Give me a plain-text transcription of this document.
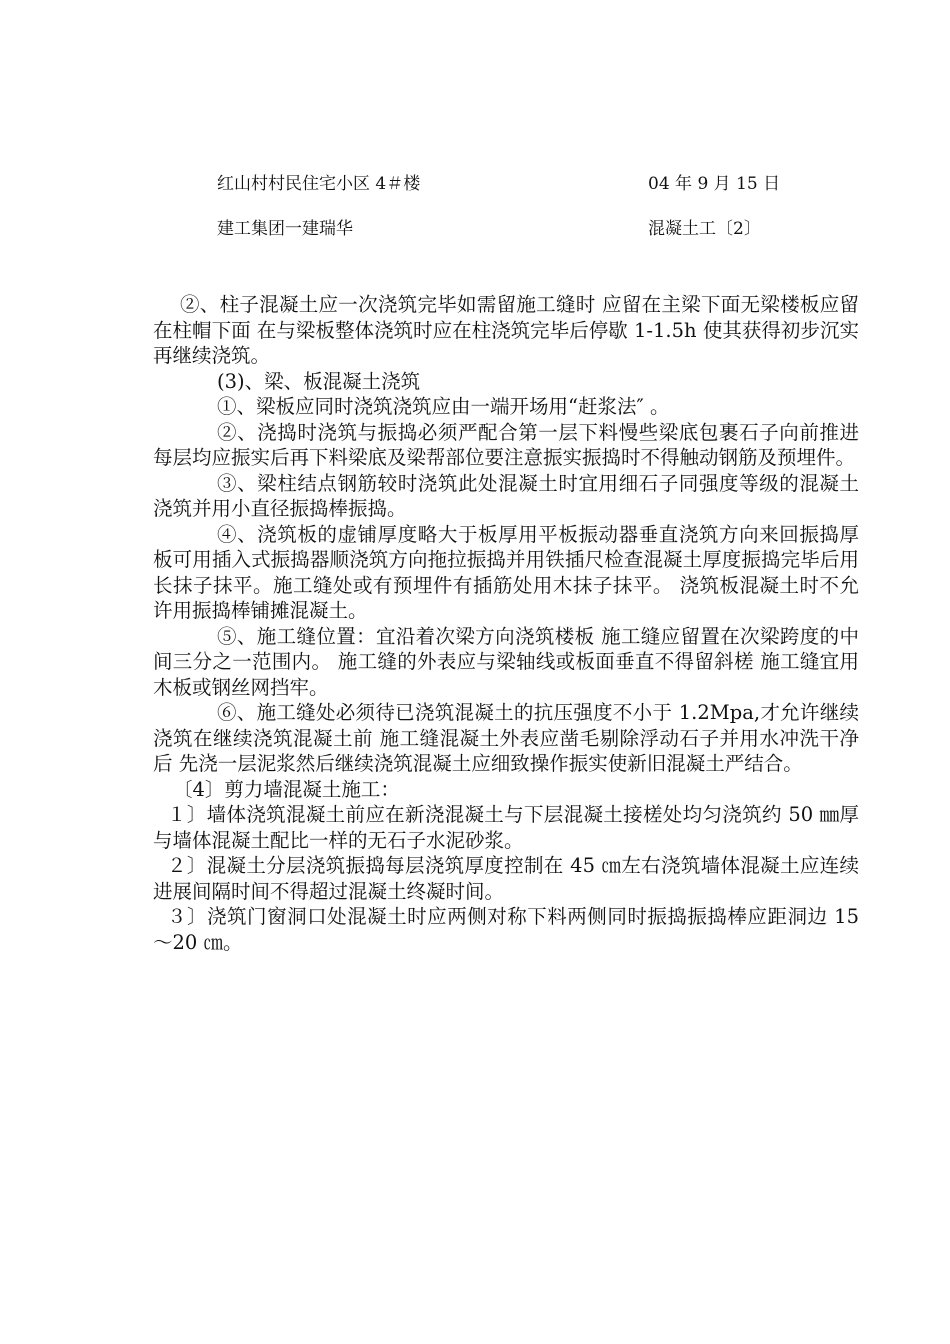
红山村村民住宅小区 4＃楼	04 年 9 月 15 日
建工集团一建瑞华	混凝土工〔2〕

②、柱子混凝土应一次浇筑完毕如需留施工缝时 应留在主梁下面无梁楼板应留在柱帽下面 在与梁板整体浇筑时应在柱浇筑完毕后停歇 1-1.5h 使其获得初步沉实再继续浇筑。

(3)、梁、板混凝土浇筑

①、梁板应同时浇筑浇筑应由一端开场用“赶浆法″ 。

②、浇捣时浇筑与振捣必须严配合第一层下料慢些梁底包裹石子向前推进每层均应振实后再下料梁底及梁帮部位要注意振实振捣时不得触动钢筋及预埋件。

③、梁柱结点钢筋较时浇筑此处混凝土时宜用细石子同强度等级的混凝土浇筑并用小直径振捣棒振捣。

④、浇筑板的虚铺厚度略大于板厚用平板振动器垂直浇筑方向来回振捣厚板可用插入式振捣器顺浇筑方向拖拉振捣并用铁插尺检查混凝土厚度振捣完毕后用长抹子抹平。施工缝处或有预埋件有插筋处用木抹子抹平。 浇筑板混凝土时不允许用振捣棒铺摊混凝土。

⑤、施工缝位置：宜沿着次梁方向浇筑楼板 施工缝应留置在次梁跨度的中间三分之一范围内。 施工缝的外表应与梁轴线或板面垂直不得留斜槎 施工缝宜用木板或钢丝网挡牢。

⑥、施工缝处必须待已浇筑混凝土的抗压强度不小于 1.2Mpa,才允许继续浇筑在继续浇筑混凝土前 施工缝混凝土外表应凿毛剔除浮动石子并用水冲洗干净后 先浇一层泥浆然后继续浇筑混凝土应细致操作振实使新旧混凝土严结合。

〔4〕剪力墙混凝土施工：

１〕墙体浇筑混凝土前应在新浇混凝土与下层混凝土接槎处均匀浇筑约 50 ㎜厚与墙体混凝土配比一样的无石子水泥砂浆。

２〕混凝土分层浇筑振捣每层浇筑厚度控制在 45 ㎝左右浇筑墙体混凝土应连续进展间隔时间不得超过混凝土终凝时间。

３〕浇筑门窗洞口处混凝土时应两侧对称下料两侧同时振捣振捣棒应距洞边 15～20 ㎝。
